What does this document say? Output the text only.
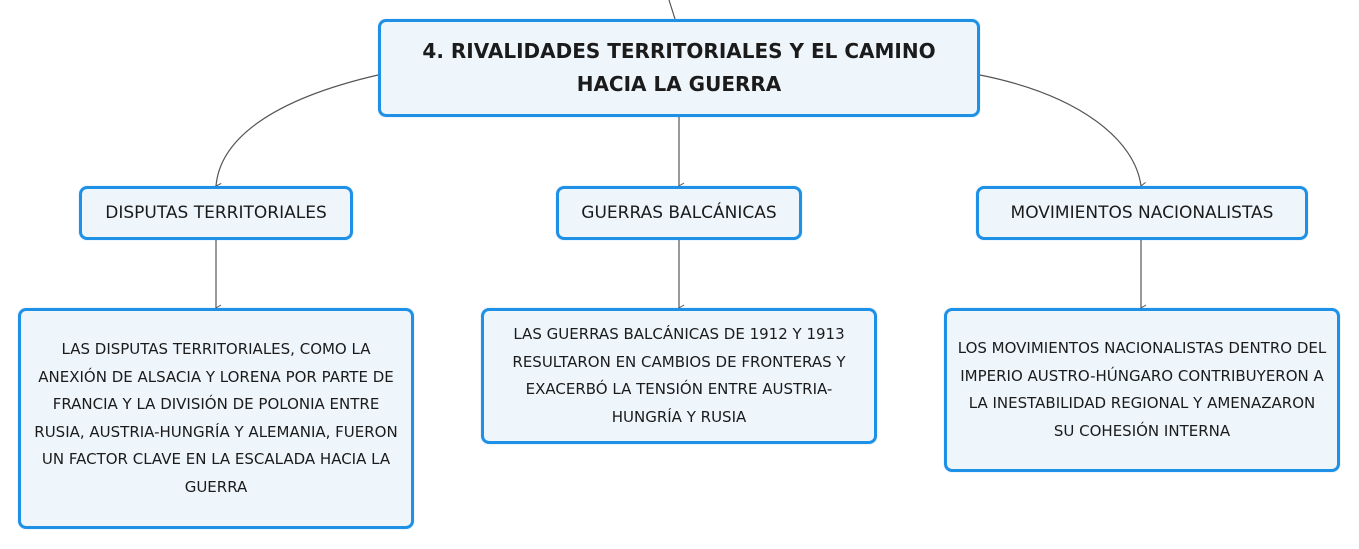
4. RIVALIDADES TERRITORIALES Y EL CAMINO HACIA LA GUERRA
DISPUTAS TERRITORIALES	GUERRAS BALCÁNICAS	MOVIMIENTOS NACIONALISTAS
LAS DISPUTAS TERRITORIALES, COMO LA ANEXIÓN DE ALSACIA Y LORENA POR PARTE DE FRANCIA Y LA DIVISIÓN DE POLONIA ENTRE RUSIA, AUSTRIA-HUNGRÍA Y ALEMANIA, FUERON UN FACTOR CLAVE EN LA ESCALADA HACIA LA GUERRA
LAS GUERRAS BALCÁNICAS DE 1912 Y 1913 RESULTARON EN CAMBIOS DE FRONTERAS Y EXACERBÓ LA TENSIÓN ENTRE AUSTRIA-HUNGRÍA Y RUSIA
LOS MOVIMIENTOS NACIONALISTAS DENTRO DEL IMPERIO AUSTRO-HÚNGARO CONTRIBUYERON A LA INESTABILIDAD REGIONAL Y AMENAZARON SU COHESIÓN INTERNA
